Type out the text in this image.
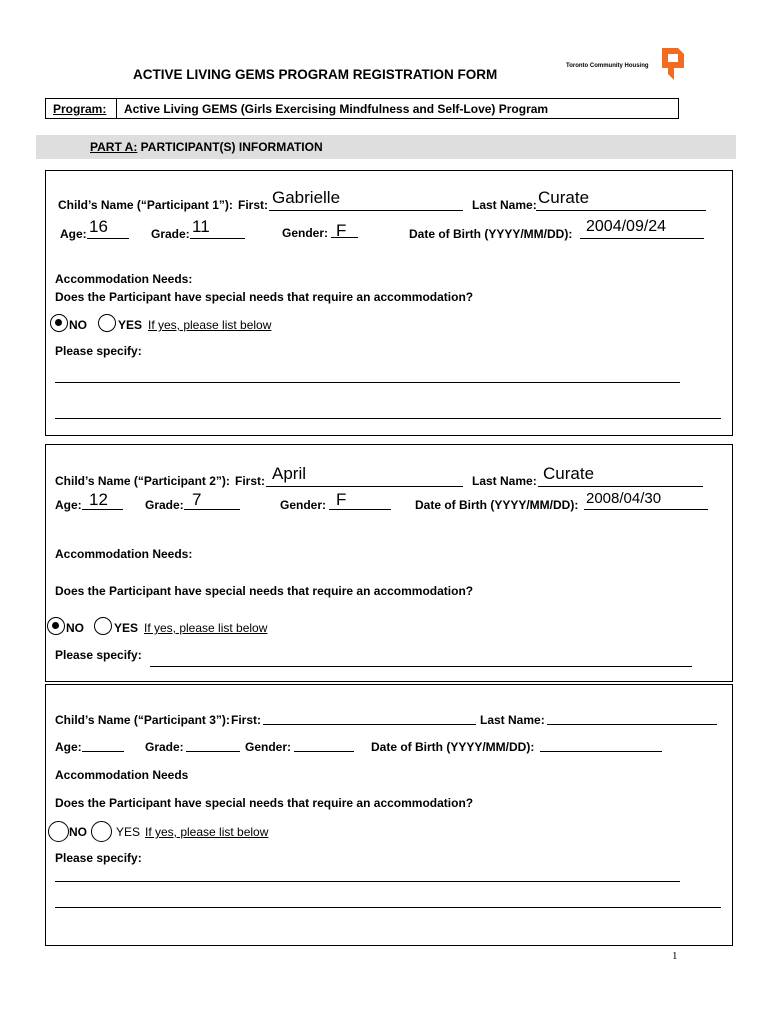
ACTIVE LIVING GEMS PROGRAM REGISTRATION FORM
Toronto Community Housing
Program: Active Living GEMS (Girls Exercising Mindfulness and Self-Love) Program
PART A: PARTICIPANT(S) INFORMATION
Child’s Name (“Participant 1”): First: Gabrielle	Last Name: Curate
Age: 16	Grade: 11	Gender: F	Date of Birth (YYYY/MM/DD): 2004/09/24
Accommodation Needs:
Does the Participant have special needs that require an accommodation?
NO	YES If yes, please list below
Please specify:
Child’s Name (“Participant 2”): First: April	Last Name: Curate
Age: 12	Grade: 7	Gender: F	Date of Birth (YYYY/MM/DD): 2008/04/30
Accommodation Needs:
Does the Participant have special needs that require an accommodation?
NO	YES If yes, please list below
Please specify:
Child’s Name (“Participant 3”): First:	Last Name:
Age:	Grade:	Gender:	Date of Birth (YYYY/MM/DD):
Accommodation Needs
Does the Participant have special needs that require an accommodation?
NO YES If yes, please list below
Please specify:
1
